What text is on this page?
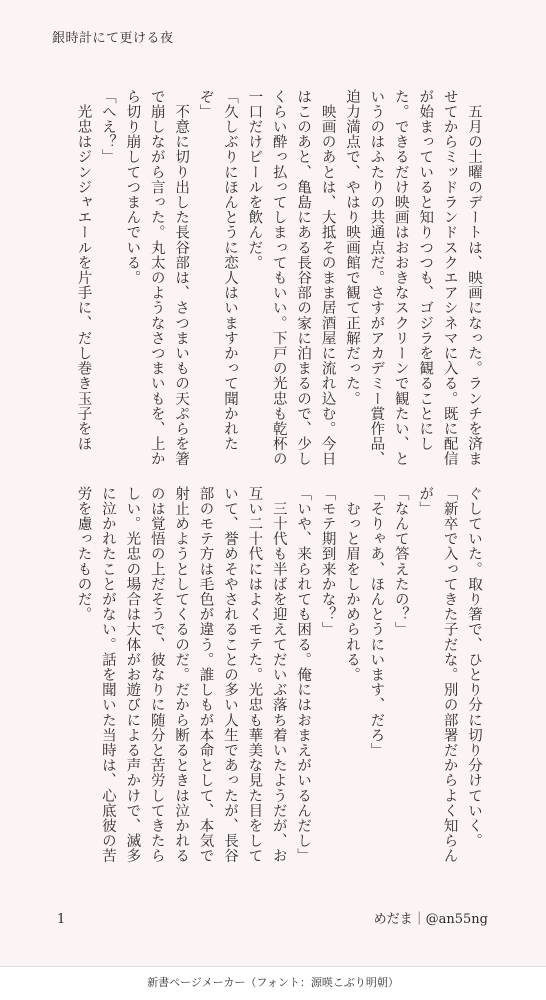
銀時計にて更ける夜

　五月の土曜のデートは、映画になった。ランチを済ませてからミッドランドスクエアシネマに入る。既に配信が始まっていると知りつつも、ゴジラを観ることにした。できるだけ映画はおおきなスクリーンで観たい、というのはふたりの共通点だ。さすがアカデミー賞作品、迫力満点で、やはり映画館で観て正解だった。

　映画のあとは、大抵そのまま居酒屋に流れ込む。今日はこのあと、亀島にある長谷部の家に泊まるので、少しくらい酔っ払ってしまってもいい。下戸の光忠も乾杯の一口だけビールを飲んだ。

「久しぶりにほんとうに恋人はいますかって聞かれたぞ」

　不意に切り出した長谷部は、さつまいもの天ぷらを箸で崩しながら言った。丸太のようなさつまいもを、上から切り崩してつまんでいる。

「へえ？」

　光忠はジンジャエールを片手に、だし巻き玉子をほ

ぐしていた。取り箸で、ひとり分に切り分けていく。

「新卒で入ってきた子だな。別の部署だからよく知らんが」

「なんて答えたの？」

「そりゃあ、ほんとうにいます、だろ」

　むっと眉をしかめられる。

「モテ期到来かな？」

「いや、来られても困る。俺にはおまえがいるんだし」

　三十代も半ばを迎えてだいぶ落ち着いたようだが、お互い二十代にはよくモテた。光忠も華美な見た目をしていて、誉めそやされることの多い人生であったが、長谷部のモテ方は毛色が違う。誰しもが本命として、本気で射止めようとしてくるのだ。だから断るときは泣かれるのは覚悟の上だそうで、彼なりに随分と苦労してきたらしい。光忠の場合は大体がお遊びによる声かけで、滅多に泣かれたことがない。話を聞いた当時は、心底彼の苦労を慮ったものだ。

1	めだま｜@an55ng
新書ページメーカー（フォント：源暎こぶり明朝）
